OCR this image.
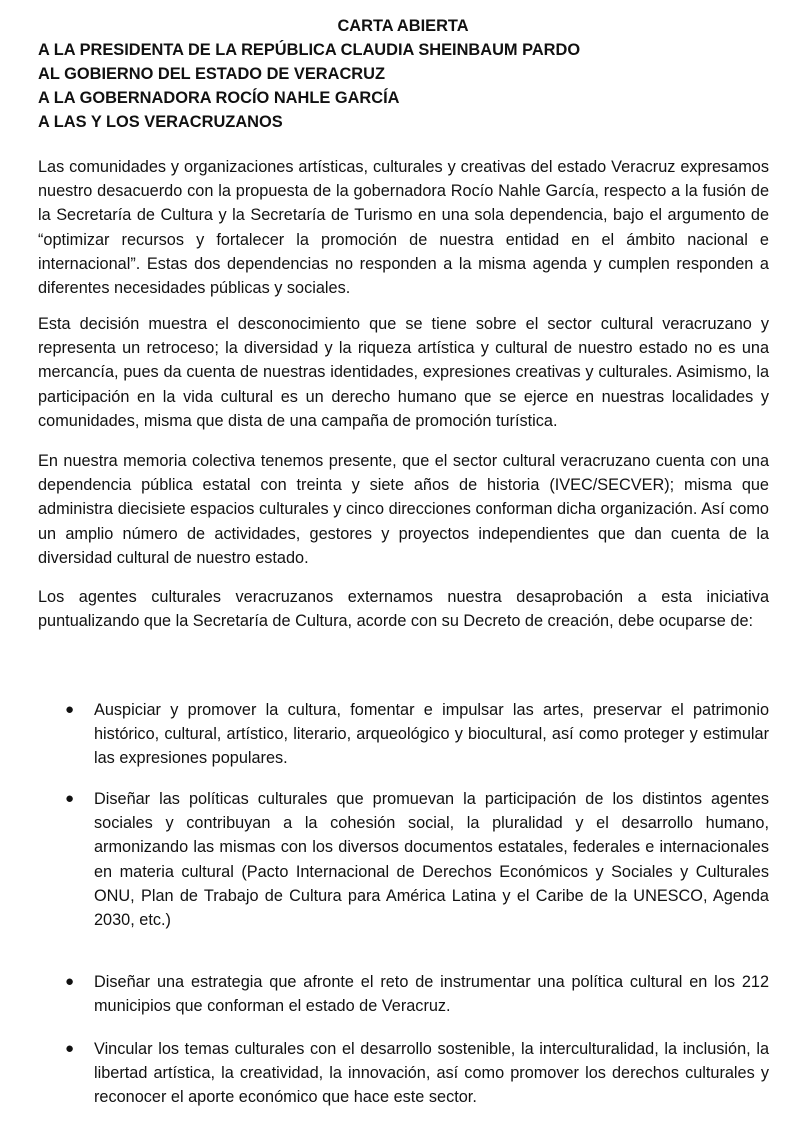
CARTA ABIERTA

A LA PRESIDENTA DE LA REPÚBLICA CLAUDIA SHEINBAUM PARDO

AL GOBIERNO DEL ESTADO DE VERACRUZ

A LA GOBERNADORA ROCÍO NAHLE GARCÍA

A LAS Y LOS VERACRUZANOS

Las comunidades y organizaciones artísticas, culturales y creativas del estado Veracruz expresamos nuestro desacuerdo con la propuesta de la gobernadora Rocío Nahle García, respecto a la fusión de la Secretaría de Cultura y la Secretaría de Turismo en una sola dependencia, bajo el argumento de “optimizar recursos y fortalecer la promoción de nuestra entidad en el ámbito nacional e internacional”. Estas dos dependencias no responden a la misma agenda y cumplen responden a diferentes necesidades públicas y sociales.

Esta decisión muestra el desconocimiento que se tiene sobre el sector cultural veracruzano y representa un retroceso; la diversidad y la riqueza artística y cultural de nuestro estado no es una mercancía, pues da cuenta de nuestras identidades, expresiones creativas y culturales. Asimismo, la participación en la vida cultural es un derecho humano que se ejerce en nuestras localidades y comunidades, misma que dista de una campaña de promoción turística.

En nuestra memoria colectiva tenemos presente, que el sector cultural veracruzano cuenta con una dependencia pública estatal con treinta y siete años de historia (IVEC/SECVER); misma que administra diecisiete espacios culturales y cinco direcciones conforman dicha organización. Así como un amplio número de actividades, gestores y proyectos independientes que dan cuenta de la diversidad cultural de nuestro estado.

Los agentes culturales veracruzanos externamos nuestra desaprobación a esta iniciativa puntualizando que la Secretaría de Cultura, acorde con su Decreto de creación, debe ocuparse de:

● Auspiciar y promover la cultura, fomentar e impulsar las artes, preservar el patrimonio histórico, cultural, artístico, literario, arqueológico y biocultural, así como proteger y estimular las expresiones populares.

● Diseñar las políticas culturales que promuevan la participación de los distintos agentes sociales y contribuyan a la cohesión social, la pluralidad y el desarrollo humano, armonizando las mismas con los diversos documentos estatales, federales e internacionales en materia cultural (Pacto Internacional de Derechos Económicos y Sociales y Culturales ONU, Plan de Trabajo de Cultura para América Latina y el Caribe de la UNESCO, Agenda 2030, etc.)

● Diseñar una estrategia que afronte el reto de instrumentar una política cultural en los 212 municipios que conforman el estado de Veracruz.

● Vincular los temas culturales con el desarrollo sostenible, la interculturalidad, la inclusión, la libertad artística, la creatividad, la innovación, así como promover los derechos culturales y reconocer el aporte económico que hace este sector.
